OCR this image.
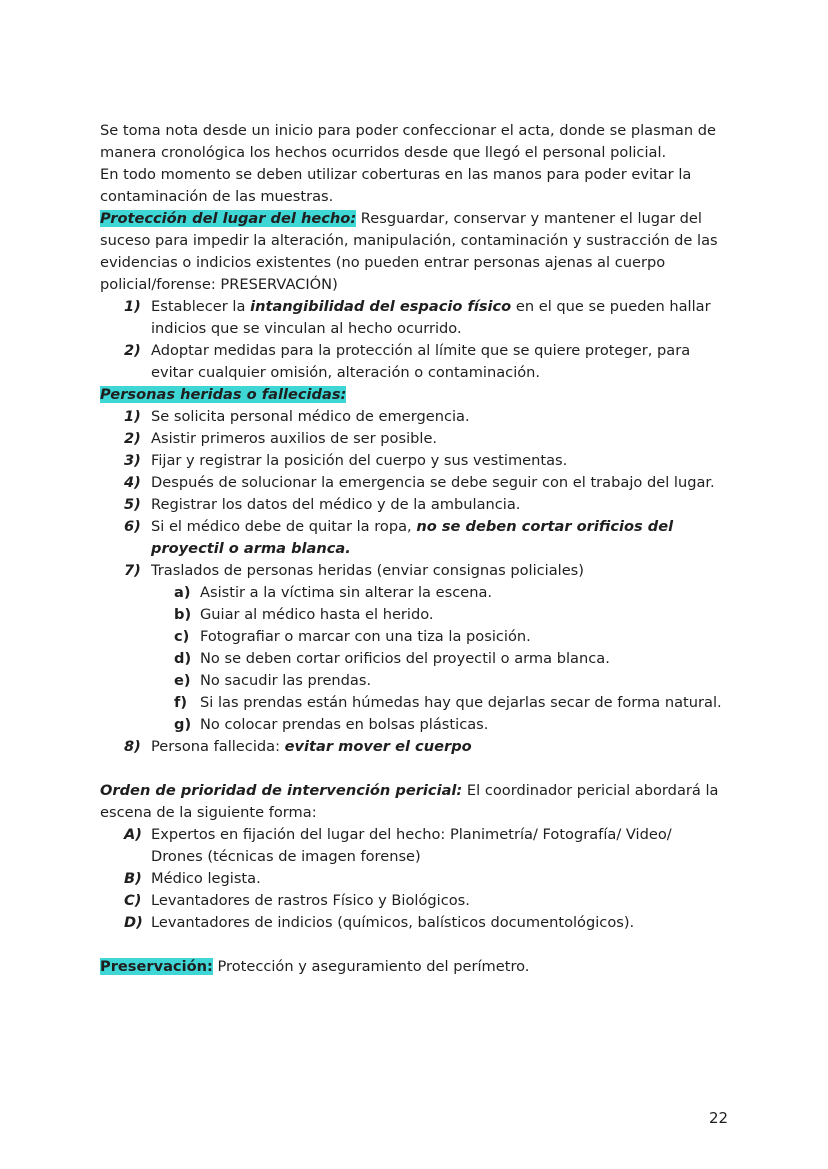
Se toma nota desde un inicio para poder confeccionar el acta, donde se plasman de
manera cronológica los hechos ocurridos desde que llegó el personal policial.
En todo momento se deben utilizar coberturas en las manos para poder evitar la
contaminación de las muestras.
Protección del lugar del hecho: Resguardar, conservar y mantener el lugar del
suceso para impedir la alteración, manipulación, contaminación y sustracción de las
evidencias o indicios existentes (no pueden entrar personas ajenas al cuerpo
policial/forense: PRESERVACIÓN)
1) Establecer la intangibilidad del espacio físico en el que se pueden hallar
indicios que se vinculan al hecho ocurrido.
2) Adoptar medidas para la protección al límite que se quiere proteger, para
evitar cualquier omisión, alteración o contaminación.
Personas heridas o fallecidas:
1) Se solicita personal médico de emergencia.
2) Asistir primeros auxilios de ser posible.
3) Fijar y registrar la posición del cuerpo y sus vestimentas.
4) Después de solucionar la emergencia se debe seguir con el trabajo del lugar.
5) Registrar los datos del médico y de la ambulancia.
6) Si el médico debe de quitar la ropa, no se deben cortar orificios del
proyectil o arma blanca.
7) Traslados de personas heridas (enviar consignas policiales)
a) Asistir a la víctima sin alterar la escena.
b) Guiar al médico hasta el herido.
c) Fotografiar o marcar con una tiza la posición.
d) No se deben cortar orificios del proyectil o arma blanca.
e) No sacudir las prendas.
f) Si las prendas están húmedas hay que dejarlas secar de forma natural.
g) No colocar prendas en bolsas plásticas.
8) Persona fallecida: evitar mover el cuerpo
Orden de prioridad de intervención pericial: El coordinador pericial abordará la
escena de la siguiente forma:
A) Expertos en fijación del lugar del hecho: Planimetría/ Fotografía/ Video/
Drones (técnicas de imagen forense)
B) Médico legista.
C) Levantadores de rastros Físico y Biológicos.
D) Levantadores de indicios (químicos, balísticos documentológicos).
Preservación: Protección y aseguramiento del perímetro.
22
